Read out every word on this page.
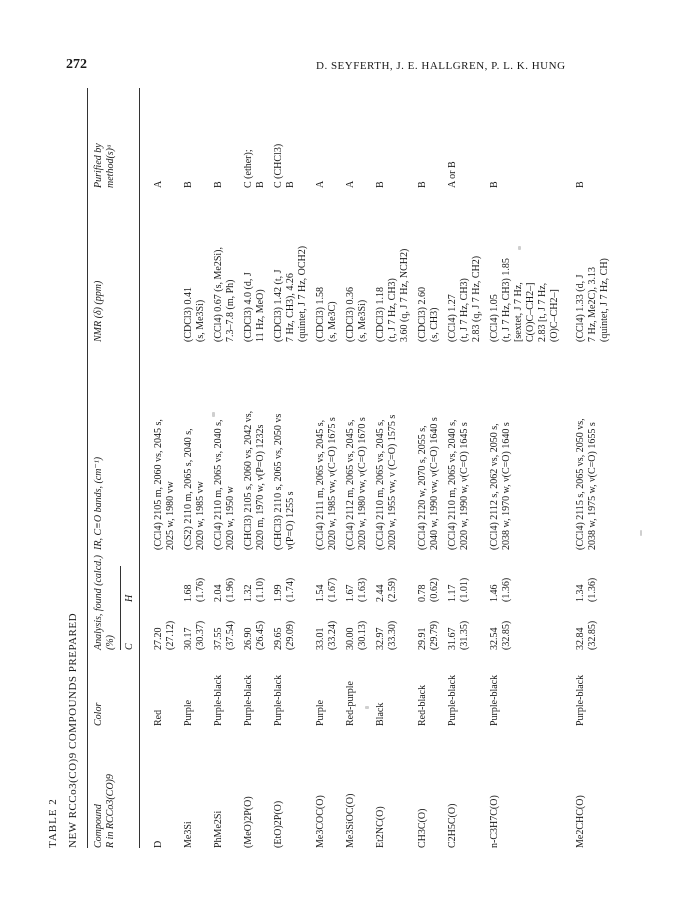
272	D. SEYFERTH, J. E. HALLGREN, P. L. K. HUNG
TABLE 2 NEW RCCo3(CO)9 COMPOUNDS PREPARED Compound R in RCCo3(CO)9
Color
Analysis, found (calcd.) (%)
IR, C≡O bands, (cm⁻¹)
NMR (δ) (ppm)
Purified by method(s)ᵃ
C
H
D
Red
27.20 (27.12)
(CCl4) 2105 m, 2060 vs, 2045 s, 2025 w, 1980 vw
A
Me3Si
Purple
30.17 (30.37)
1.68 (1.76)
(CS2) 2110 m, 2065 s, 2040 s, 2020 w, 1985 vw
(CDCl3) 0.41 (s, Me3Si)
B
PhMe2Si
Purple-black
37.55 (37.54)
2.04 (1.96)
(CCl4) 2110 m, 2065 vs, 2040 s, 2020 w, 1950 w
(CCl4) 0.67 (s, Me2Si), 7.3–7.8 (m, Ph)
B
(MeO)2P(O)
Purple-black
26.90 (26.45)
1.32 (1.10)
(CHCl3) 2105 s, 2060 vs, 2042 vs, 2020 m, 1970 w, ν(P=O) 1232s
(CDCl3) 4.0 (d, J 11 Hz, MeO)
C (ether); B
(EtO)2P(O)
Purple-black
29.65 (29.09)
1.99 (1.74)
(CHCl3) 2110 s, 2065 vs, 2050 vs ν(P=O) 1255 s
(CDCl3) 1.42 (t, J 7 Hz, CH3), 4.26 (quintet, J 7 Hz, OCH2)
C (CHCl3) B
Me3COC(O)
Purple
33.01 (33.24)
1.54 (1.67)
(CCl4) 2111 m, 2065 vs, 2045 s, 2020 w, 1985 vw, ν(C=O) 1675 s
(CDCl3) 1.58 (s, Me3C)
A
Me3SiOC(O)
Red-purple
30.00 (30.13)
1.67 (1.63)
(CCl4) 2112 m, 2065 vs, 2045 s, 2020 w, 1980 vw, ν(C=O) 1670 s
(CDCl3) 0.36 (s, Me3Si)
A
Et2NC(O)
Black
32.97 (33.30)
2.44 (2.59)
(CCl4) 2110 m, 2065 vs, 2045 s, 2020 w, 1955 vw, ν (C=O) 1575 s
(CDCl3) 1.18 (t, J 7 Hz, CH3) 3.60 (q, J 7 Hz, NCH2)
B
CH3C(O)
Red-black
29.91 (29.79)
0.78 (0.62)
(CCl4) 2120 w, 2070 s, 2055 s, 2040 w, 1990 vw, ν(C=O) 1640 s
(CDCl3) 2.60 (s, CH3)
B
C2H5C(O)
Purple-black
31.67 (31.35)
1.17 (1.01)
(CCl4) 2110 m, 2065 vs, 2040 s, 2020 w, 1990 w, ν(C=O) 1645 s
(CCl4) 1.27 (t, J 7 Hz, CH3) 2.83 (q, J 7 Hz, CH2)
A or B
n-C3H7C(O)
Purple-black
32.54 (32.85)
1.46 (1.36)
(CCl4) 2112 s, 2062 vs, 2050 s, 2038 w, 1970 w, ν(C=O) 1640 s
(CCl4) 1.05 (t, J 7 Hz, CH3) 1.85 [sextet, J 7 Hz, C(O)C–CH2–] 2.83 [t, J 7 Hz, (O)C–CH2–]
B
Me2CHC(O)
Purple-black
32.84 (32.85)
1.34 (1.36)
(CCl4) 2115 s, 2065 vs, 2050 vs, 2038 w, 1975 w, ν(C=O) 1655 s
(CCl4) 1.33 (d, J 7 Hz, Me2C), 3.13 (quintet, J 7 Hz, CH)
B
